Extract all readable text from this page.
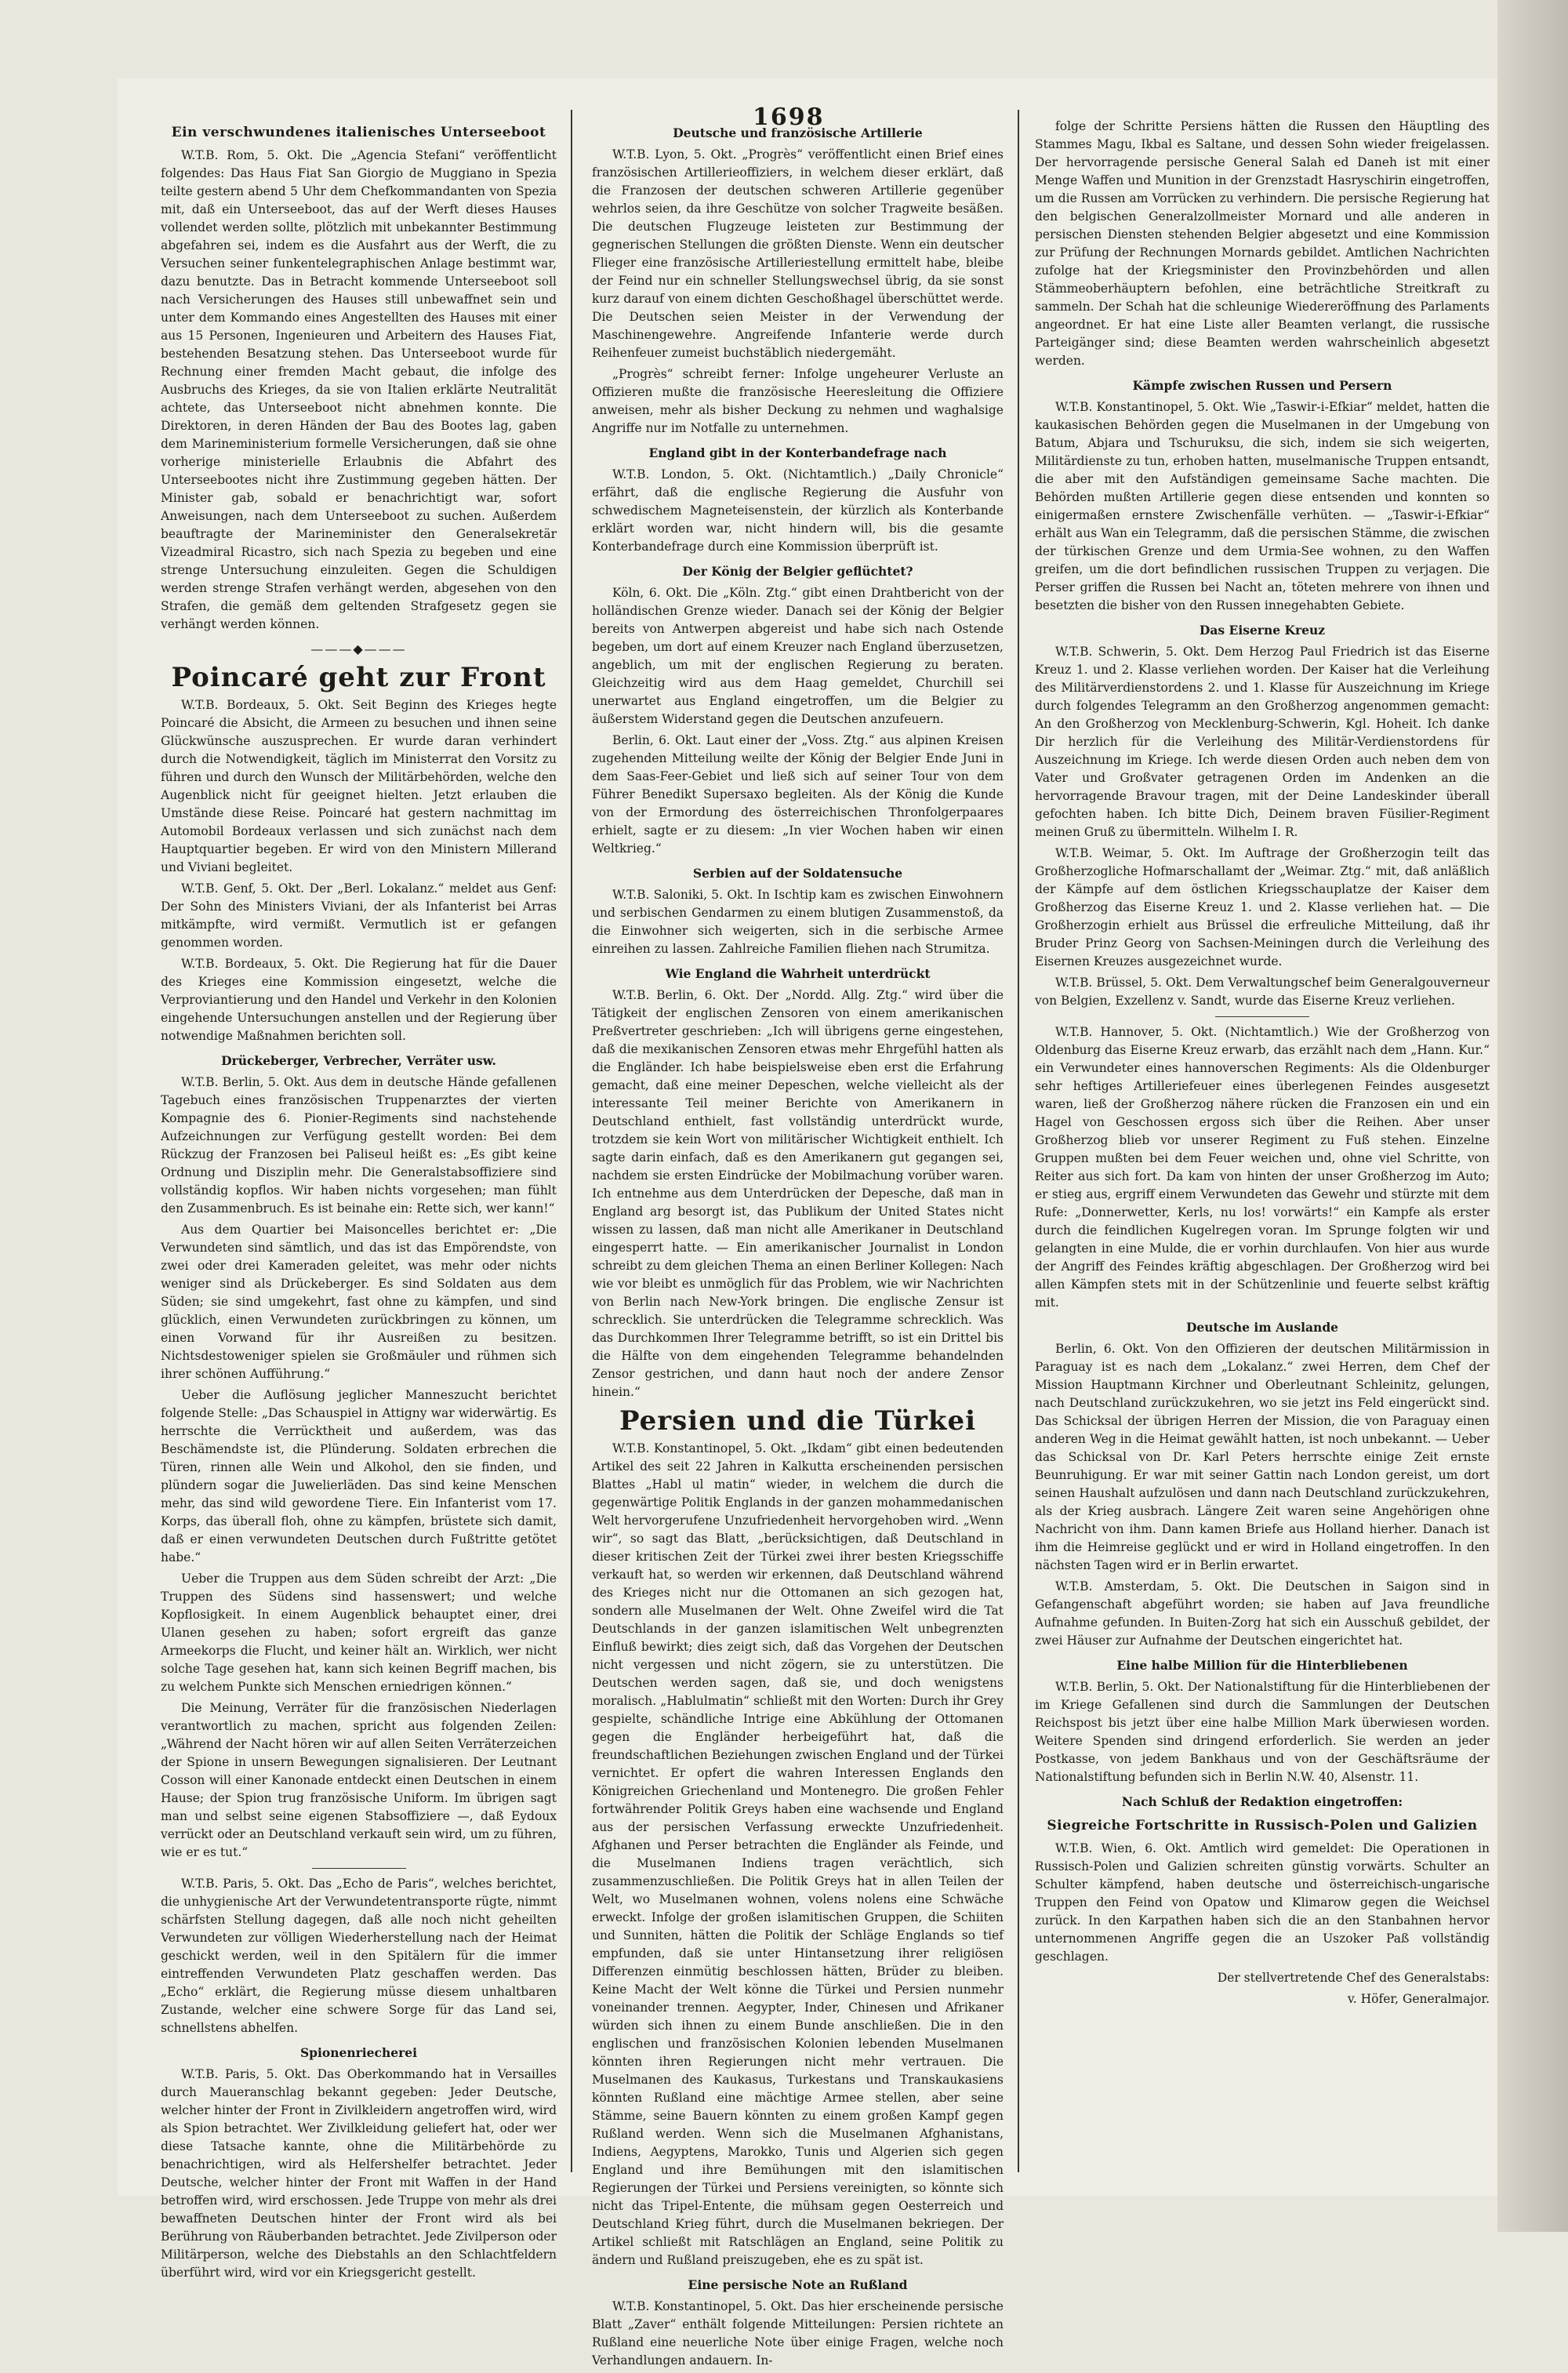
1698
Ein verschwundenes italienisches Unterseeboot

W.T.B. Rom, 5. Okt. Die „Agencia Stefani“ veröffentlicht folgendes: Das Haus Fiat San Giorgio de Muggiano in Spezia teilte gestern abend 5 Uhr dem Chefkommandanten von Spezia mit, daß ein Unterseeboot, das auf der Werft dieses Hauses vollendet werden sollte, plötzlich mit unbekannter Bestimmung abgefahren sei, indem es die Ausfahrt aus der Werft, die zu Versuchen seiner funkentelegraphischen Anlage bestimmt war, dazu benutzte. Das in Betracht kommende Unterseeboot soll nach Versicherungen des Hauses still unbewaffnet sein und unter dem Kommando eines Angestellten des Hauses mit einer aus 15 Personen, Ingenieuren und Arbeitern des Hauses Fiat, bestehenden Besatzung stehen. Das Unterseeboot wurde für Rechnung einer fremden Macht gebaut, die infolge des Ausbruchs des Krieges, da sie von Italien erklärte Neutralität achtete, das Unterseeboot nicht abnehmen konnte. Die Direktoren, in deren Händen der Bau des Bootes lag, gaben dem Marineministerium formelle Versicherungen, daß sie ohne vorherige ministerielle Erlaubnis die Abfahrt des Unterseebootes nicht ihre Zustimmung gegeben hätten. Der Minister gab, sobald er benachrichtigt war, sofort Anweisungen, nach dem Unterseeboot zu suchen. Außerdem beauftragte der Marineminister den Generalsekretär Vizeadmiral Ricastro, sich nach Spezia zu begeben und eine strenge Untersuchung einzuleiten. Gegen die Schuldigen werden strenge Strafen verhängt werden, abgesehen von den Strafen, die gemäß dem geltenden Strafgesetz gegen sie verhängt werden können.

———◆———
Poincaré geht zur Front

W.T.B. Bordeaux, 5. Okt. Seit Beginn des Krieges hegte Poincaré die Absicht, die Armeen zu besuchen und ihnen seine Glückwünsche auszusprechen. Er wurde daran verhindert durch die Notwendigkeit, täglich im Ministerrat den Vorsitz zu führen und durch den Wunsch der Militärbehörden, welche den Augenblick nicht für geeignet hielten. Jetzt erlauben die Umstände diese Reise. Poincaré hat gestern nachmittag im Automobil Bordeaux verlassen und sich zunächst nach dem Hauptquartier begeben. Er wird von den Ministern Millerand und Viviani begleitet.

W.T.B. Genf, 5. Okt. Der „Berl. Lokalanz.“ meldet aus Genf: Der Sohn des Ministers Viviani, der als Infanterist bei Arras mitkämpfte, wird vermißt. Vermutlich ist er gefangen genommen worden.

W.T.B. Bordeaux, 5. Okt. Die Regierung hat für die Dauer des Krieges eine Kommission eingesetzt, welche die Verproviantierung und den Handel und Verkehr in den Kolonien eingehende Untersuchungen anstellen und der Regierung über notwendige Maßnahmen berichten soll.

Drückeberger, Verbrecher, Verräter usw.

W.T.B. Berlin, 5. Okt. Aus dem in deutsche Hände gefallenen Tagebuch eines französischen Truppenarztes der vierten Kompagnie des 6. Pionier-Regiments sind nachstehende Aufzeichnungen zur Verfügung gestellt worden: Bei dem Rückzug der Franzosen bei Paliseul heißt es: „Es gibt keine Ordnung und Disziplin mehr. Die Generalstabsoffiziere sind vollständig kopflos. Wir haben nichts vorgesehen; man fühlt den Zusammenbruch. Es ist beinahe ein: Rette sich, wer kann!“

Aus dem Quartier bei Maisoncelles berichtet er: „Die Verwundeten sind sämtlich, und das ist das Empörendste, von zwei oder drei Kameraden geleitet, was mehr oder nichts weniger sind als Drückeberger. Es sind Soldaten aus dem Süden; sie sind umgekehrt, fast ohne zu kämpfen, und sind glücklich, einen Verwundeten zurückbringen zu können, um einen Vorwand für ihr Ausreißen zu besitzen. Nichtsdestoweniger spielen sie Großmäuler und rühmen sich ihrer schönen Aufführung.“

Ueber die Auflösung jeglicher Manneszucht berichtet folgende Stelle: „Das Schauspiel in Attigny war widerwärtig. Es herrschte die Verrücktheit und außerdem, was das Beschämendste ist, die Plünderung. Soldaten erbrechen die Türen, rinnen alle Wein und Alkohol, den sie finden, und plündern sogar die Juwelierläden. Das sind keine Menschen mehr, das sind wild gewordene Tiere. Ein Infanterist vom 17. Korps, das überall floh, ohne zu kämpfen, brüstete sich damit, daß er einen verwundeten Deutschen durch Fußtritte getötet habe.“

Ueber die Truppen aus dem Süden schreibt der Arzt: „Die Truppen des Südens sind hassenswert; und welche Kopflosigkeit. In einem Augenblick behauptet einer, drei Ulanen gesehen zu haben; sofort ergreift das ganze Armeekorps die Flucht, und keiner hält an. Wirklich, wer nicht solche Tage gesehen hat, kann sich keinen Begriff machen, bis zu welchem Punkte sich Menschen erniedrigen können.“

Die Meinung, Verräter für die französischen Niederlagen verantwortlich zu machen, spricht aus folgenden Zeilen: „Während der Nacht hören wir auf allen Seiten Verräterzeichen der Spione in unsern Bewegungen signalisieren. Der Leutnant Cosson will einer Kanonade entdeckt einen Deutschen in einem Hause; der Spion trug französische Uniform. Im übrigen sagt man und selbst seine eigenen Stabsoffiziere —, daß Eydoux verrückt oder an Deutschland verkauft sein wird, um zu führen, wie er es tut.“

W.T.B. Paris, 5. Okt. Das „Echo de Paris“, welches berichtet, die unhygienische Art der Verwundetentransporte rügte, nimmt schärfsten Stellung dagegen, daß alle noch nicht geheilten Verwundeten zur völligen Wiederherstellung nach der Heimat geschickt werden, weil in den Spitälern für die immer eintreffenden Verwundeten Platz geschaffen werden. Das „Echo“ erklärt, die Regierung müsse diesem unhaltbaren Zustande, welcher eine schwere Sorge für das Land sei, schnellstens abhelfen.

Spionenriecherei

W.T.B. Paris, 5. Okt. Das Oberkommando hat in Versailles durch Maueranschlag bekannt gegeben: Jeder Deutsche, welcher hinter der Front in Zivilkleidern angetroffen wird, wird als Spion betrachtet. Wer Zivilkleidung geliefert hat, oder wer diese Tatsache kannte, ohne die Militärbehörde zu benachrichtigen, wird als Helfershelfer betrachtet. Jeder Deutsche, welcher hinter der Front mit Waffen in der Hand betroffen wird, wird erschossen. Jede Truppe von mehr als drei bewaffneten Deutschen hinter der Front wird als bei Berührung von Räuberbanden betrachtet. Jede Zivilperson oder Militärperson, welche des Diebstahls an den Schlachtfeldern überführt wird, wird vor ein Kriegsgericht gestellt.

Deutsche und französische Artillerie

W.T.B. Lyon, 5. Okt. „Progrès“ veröffentlicht einen Brief eines französischen Artillerieoffiziers, in welchem dieser erklärt, daß die Franzosen der deutschen schweren Artillerie gegenüber wehrlos seien, da ihre Geschütze von solcher Tragweite besäßen. Die deutschen Flugzeuge leisteten zur Bestimmung der gegnerischen Stellungen die größten Dienste. Wenn ein deutscher Flieger eine französische Artilleriestellung ermittelt habe, bleibe der Feind nur ein schneller Stellungswechsel übrig, da sie sonst kurz darauf von einem dichten Geschoßhagel überschüttet werde. Die Deutschen seien Meister in der Verwendung der Maschinengewehre. Angreifende Infanterie werde durch Reihenfeuer zumeist buchstäblich niedergemäht.

„Progrès“ schreibt ferner: Infolge ungeheurer Verluste an Offizieren mußte die französische Heeresleitung die Offiziere anweisen, mehr als bisher Deckung zu nehmen und waghalsige Angriffe nur im Notfalle zu unternehmen.

England gibt in der Konterbandefrage nach

W.T.B. London, 5. Okt. (Nichtamtlich.) „Daily Chronicle“ erfährt, daß die englische Regierung die Ausfuhr von schwedischem Magneteisenstein, der kürzlich als Konterbande erklärt worden war, nicht hindern will, bis die gesamte Konterbandefrage durch eine Kommission überprüft ist.

Der König der Belgier geflüchtet?

Köln, 6. Okt. Die „Köln. Ztg.“ gibt einen Drahtbericht von der holländischen Grenze wieder. Danach sei der König der Belgier bereits von Antwerpen abgereist und habe sich nach Ostende begeben, um dort auf einem Kreuzer nach England überzusetzen, angeblich, um mit der englischen Regierung zu beraten. Gleichzeitig wird aus dem Haag gemeldet, Churchill sei unerwartet aus England eingetroffen, um die Belgier zu äußerstem Widerstand gegen die Deutschen anzufeuern.

Berlin, 6. Okt. Laut einer der „Voss. Ztg.“ aus alpinen Kreisen zugehenden Mitteilung weilte der König der Belgier Ende Juni in dem Saas-Feer-Gebiet und ließ sich auf seiner Tour von dem Führer Benedikt Supersaxo begleiten. Als der König die Kunde von der Ermordung des österreichischen Thronfolgerpaares erhielt, sagte er zu diesem: „In vier Wochen haben wir einen Weltkrieg.“

Serbien auf der Soldatensuche

W.T.B. Saloniki, 5. Okt. In Ischtip kam es zwischen Einwohnern und serbischen Gendarmen zu einem blutigen Zusammenstoß, da die Einwohner sich weigerten, sich in die serbische Armee einreihen zu lassen. Zahlreiche Familien fliehen nach Strumitza.

Wie England die Wahrheit unterdrückt

W.T.B. Berlin, 6. Okt. Der „Nordd. Allg. Ztg.“ wird über die Tätigkeit der englischen Zensoren von einem amerikanischen Preßvertreter geschrieben: „Ich will übrigens gerne eingestehen, daß die mexikanischen Zensoren etwas mehr Ehrgefühl hatten als die Engländer. Ich habe beispielsweise eben erst die Erfahrung gemacht, daß eine meiner Depeschen, welche vielleicht als der interessante Teil meiner Berichte von Amerikanern in Deutschland enthielt, fast vollständig unterdrückt wurde, trotzdem sie kein Wort von militärischer Wichtigkeit enthielt. Ich sagte darin einfach, daß es den Amerikanern gut gegangen sei, nachdem sie ersten Eindrücke der Mobilmachung vorüber waren. Ich entnehme aus dem Unterdrücken der Depesche, daß man in England arg besorgt ist, das Publikum der United States nicht wissen zu lassen, daß man nicht alle Amerikaner in Deutschland eingesperrt hatte. — Ein amerikanischer Journalist in London schreibt zu dem gleichen Thema an einen Berliner Kollegen: Nach wie vor bleibt es unmöglich für das Problem, wie wir Nachrichten von Berlin nach New-York bringen. Die englische Zensur ist schrecklich. Sie unterdrücken die Telegramme schrecklich. Was das Durchkommen Ihrer Telegramme betrifft, so ist ein Drittel bis die Hälfte von dem eingehenden Telegramme behandelnden Zensor gestrichen, und dann haut noch der andere Zensor hinein.“

Persien und die Türkei

W.T.B. Konstantinopel, 5. Okt. „Ikdam“ gibt einen bedeutenden Artikel des seit 22 Jahren in Kalkutta erscheinenden persischen Blattes „Habl ul matin“ wieder, in welchem die durch die gegenwärtige Politik Englands in der ganzen mohammedanischen Welt hervorgerufene Unzufriedenheit hervorgehoben wird. „Wenn wir“, so sagt das Blatt, „berücksichtigen, daß Deutschland in dieser kritischen Zeit der Türkei zwei ihrer besten Kriegsschiffe verkauft hat, so werden wir erkennen, daß Deutschland während des Krieges nicht nur die Ottomanen an sich gezogen hat, sondern alle Muselmanen der Welt. Ohne Zweifel wird die Tat Deutschlands in der ganzen islamitischen Welt unbegrenzten Einfluß bewirkt; dies zeigt sich, daß das Vorgehen der Deutschen nicht vergessen und nicht zögern, sie zu unterstützen. Die Deutschen werden sagen, daß sie, und doch wenigstens moralisch. „Hablulmatin“ schließt mit den Worten: Durch ihr Grey gespielte, schändliche Intrige eine Abkühlung der Ottomanen gegen die Engländer herbeigeführt hat, daß die freundschaftlichen Beziehungen zwischen England und der Türkei vernichtet. Er opfert die wahren Interessen Englands den Königreichen Griechenland und Montenegro. Die großen Fehler fortwährender Politik Greys haben eine wachsende und England aus der persischen Verfassung erweckte Unzufriedenheit. Afghanen und Perser betrachten die Engländer als Feinde, und die Muselmanen Indiens tragen verächtlich, sich zusammenzuschließen. Die Politik Greys hat in allen Teilen der Welt, wo Muselmanen wohnen, volens nolens eine Schwäche erweckt. Infolge der großen islamitischen Gruppen, die Schiiten und Sunniten, hätten die Politik der Schläge Englands so tief empfunden, daß sie unter Hintansetzung ihrer religiösen Differenzen einmütig beschlossen hätten, Brüder zu bleiben. Keine Macht der Welt könne die Türkei und Persien nunmehr voneinander trennen. Aegypter, Inder, Chinesen und Afrikaner würden sich ihnen zu einem Bunde anschließen. Die in den englischen und französischen Kolonien lebenden Muselmanen könnten ihren Regierungen nicht mehr vertrauen. Die Muselmanen des Kaukasus, Turkestans und Transkaukasiens könnten Rußland eine mächtige Armee stellen, aber seine Stämme, seine Bauern könnten zu einem großen Kampf gegen Rußland werden. Wenn sich die Muselmanen Afghanistans, Indiens, Aegyptens, Marokko, Tunis und Algerien sich gegen England und ihre Bemühungen mit den islamitischen Regierungen der Türkei und Persiens vereinigten, so könnte sich nicht das Tripel-Entente, die mühsam gegen Oesterreich und Deutschland Krieg führt, durch die Muselmanen bekriegen. Der Artikel schließt mit Ratschlägen an England, seine Politik zu ändern und Rußland preiszugeben, ehe es zu spät ist.

Eine persische Note an Rußland

W.T.B. Konstantinopel, 5. Okt. Das hier erscheinende persische Blatt „Zaver“ enthält folgende Mitteilungen: Persien richtete an Rußland eine neuerliche Note über einige Fragen, welche noch Verhandlungen andauern. In-

folge der Schritte Persiens hätten die Russen den Häuptling des Stammes Magu, Ikbal es Saltane, und dessen Sohn wieder freigelassen. Der hervorragende persische General Salah ed Daneh ist mit einer Menge Waffen und Munition in der Grenzstadt Hasryschirin eingetroffen, um die Russen am Vorrücken zu verhindern. Die persische Regierung hat den belgischen Generalzollmeister Mornard und alle anderen in persischen Diensten stehenden Belgier abgesetzt und eine Kommission zur Prüfung der Rechnungen Mornards gebildet. Amtlichen Nachrichten zufolge hat der Kriegsminister den Provinzbehörden und allen Stämmeoberhäuptern befohlen, eine beträchtliche Streitkraft zu sammeln. Der Schah hat die schleunige Wiedereröffnung des Parlaments angeordnet. Er hat eine Liste aller Beamten verlangt, die russische Parteigänger sind; diese Beamten werden wahrscheinlich abgesetzt werden.

Kämpfe zwischen Russen und Persern

W.T.B. Konstantinopel, 5. Okt. Wie „Taswir-i-Efkiar“ meldet, hatten die kaukasischen Behörden gegen die Muselmanen in der Umgebung von Batum, Abjara und Tschuruksu, die sich, indem sie sich weigerten, Militärdienste zu tun, erhoben hatten, muselmanische Truppen entsandt, die aber mit den Aufständigen gemeinsame Sache machten. Die Behörden mußten Artillerie gegen diese entsenden und konnten so einigermaßen ernstere Zwischenfälle verhüten. — „Taswir-i-Efkiar“ erhält aus Wan ein Telegramm, daß die persischen Stämme, die zwischen der türkischen Grenze und dem Urmia-See wohnen, zu den Waffen greifen, um die dort befindlichen russischen Truppen zu verjagen. Die Perser griffen die Russen bei Nacht an, töteten mehrere von ihnen und besetzten die bisher von den Russen innegehabten Gebiete.

Das Eiserne Kreuz

W.T.B. Schwerin, 5. Okt. Dem Herzog Paul Friedrich ist das Eiserne Kreuz 1. und 2. Klasse verliehen worden. Der Kaiser hat die Verleihung des Militärverdienstordens 2. und 1. Klasse für Auszeichnung im Kriege durch folgendes Telegramm an den Großherzog angenommen gemacht: An den Großherzog von Mecklenburg-Schwerin, Kgl. Hoheit. Ich danke Dir herzlich für die Verleihung des Militär-Verdienstordens für Auszeichnung im Kriege. Ich werde diesen Orden auch neben dem von Vater und Großvater getragenen Orden im Andenken an die hervorragende Bravour tragen, mit der Deine Landeskinder überall gefochten haben. Ich bitte Dich, Deinem braven Füsilier-Regiment meinen Gruß zu übermitteln. Wilhelm I. R.

W.T.B. Weimar, 5. Okt. Im Auftrage der Großherzogin teilt das Großherzogliche Hofmarschallamt der „Weimar. Ztg.“ mit, daß anläßlich der Kämpfe auf dem östlichen Kriegsschauplatze der Kaiser dem Großherzog das Eiserne Kreuz 1. und 2. Klasse verliehen hat. — Die Großherzogin erhielt aus Brüssel die erfreuliche Mitteilung, daß ihr Bruder Prinz Georg von Sachsen-Meiningen durch die Verleihung des Eisernen Kreuzes ausgezeichnet wurde.

W.T.B. Brüssel, 5. Okt. Dem Verwaltungschef beim Generalgouverneur von Belgien, Exzellenz v. Sandt, wurde das Eiserne Kreuz verliehen.

W.T.B. Hannover, 5. Okt. (Nichtamtlich.) Wie der Großherzog von Oldenburg das Eiserne Kreuz erwarb, das erzählt nach dem „Hann. Kur.“ ein Verwundeter eines hannoverschen Regiments: Als die Oldenburger sehr heftiges Artilleriefeuer eines überlegenen Feindes ausgesetzt waren, ließ der Großherzog nähere rücken die Franzosen ein und ein Hagel von Geschossen ergoss sich über die Reihen. Aber unser Großherzog blieb vor unserer Regiment zu Fuß stehen. Einzelne Gruppen mußten bei dem Feuer weichen und, ohne viel Schritte, von Reiter aus sich fort. Da kam von hinten der unser Großherzog im Auto; er stieg aus, ergriff einem Verwundeten das Gewehr und stürzte mit dem Rufe: „Donnerwetter, Kerls, nu los! vorwärts!“ ein Kampfe als erster durch die feindlichen Kugelregen voran. Im Sprunge folgten wir und gelangten in eine Mulde, die er vorhin durchlaufen. Von hier aus wurde der Angriff des Feindes kräftig abgeschlagen. Der Großherzog wird bei allen Kämpfen stets mit in der Schützenlinie und feuerte selbst kräftig mit.

Deutsche im Auslande

Berlin, 6. Okt. Von den Offizieren der deutschen Militärmission in Paraguay ist es nach dem „Lokalanz.“ zwei Herren, dem Chef der Mission Hauptmann Kirchner und Oberleutnant Schleinitz, gelungen, nach Deutschland zurückzukehren, wo sie jetzt ins Feld eingerückt sind. Das Schicksal der übrigen Herren der Mission, die von Paraguay einen anderen Weg in die Heimat gewählt hatten, ist noch unbekannt. — Ueber das Schicksal von Dr. Karl Peters herrschte einige Zeit ernste Beunruhigung. Er war mit seiner Gattin nach London gereist, um dort seinen Haushalt aufzulösen und dann nach Deutschland zurückzukehren, als der Krieg ausbrach. Längere Zeit waren seine Angehörigen ohne Nachricht von ihm. Dann kamen Briefe aus Holland hierher. Danach ist ihm die Heimreise geglückt und er wird in Holland eingetroffen. In den nächsten Tagen wird er in Berlin erwartet.

W.T.B. Amsterdam, 5. Okt. Die Deutschen in Saigon sind in Gefangenschaft abgeführt worden; sie haben auf Java freundliche Aufnahme gefunden. In Buiten-Zorg hat sich ein Ausschuß gebildet, der zwei Häuser zur Aufnahme der Deutschen eingerichtet hat.

Eine halbe Million für die Hinterbliebenen

W.T.B. Berlin, 5. Okt. Der Nationalstiftung für die Hinterbliebenen der im Kriege Gefallenen sind durch die Sammlungen der Deutschen Reichspost bis jetzt über eine halbe Million Mark überwiesen worden. Weitere Spenden sind dringend erforderlich. Sie werden an jeder Postkasse, von jedem Bankhaus und von der Geschäftsräume der Nationalstiftung befunden sich in Berlin N.W. 40, Alsenstr. 11.

Nach Schluß der Redaktion eingetroffen:
Siegreiche Fortschritte in Russisch-Polen und Galizien

W.T.B. Wien, 6. Okt. Amtlich wird gemeldet: Die Operationen in Russisch-Polen und Galizien schreiten günstig vorwärts. Schulter an Schulter kämpfend, haben deutsche und österreichisch-ungarische Truppen den Feind von Opatow und Klimarow gegen die Weichsel zurück. In den Karpathen haben sich die an den Stanbahnen hervor unternommenen Angriffe gegen die an Uszoker Paß vollständig geschlagen.

Der stellvertretende Chef des Generalstabs:
v. Höfer, Generalmajor.
